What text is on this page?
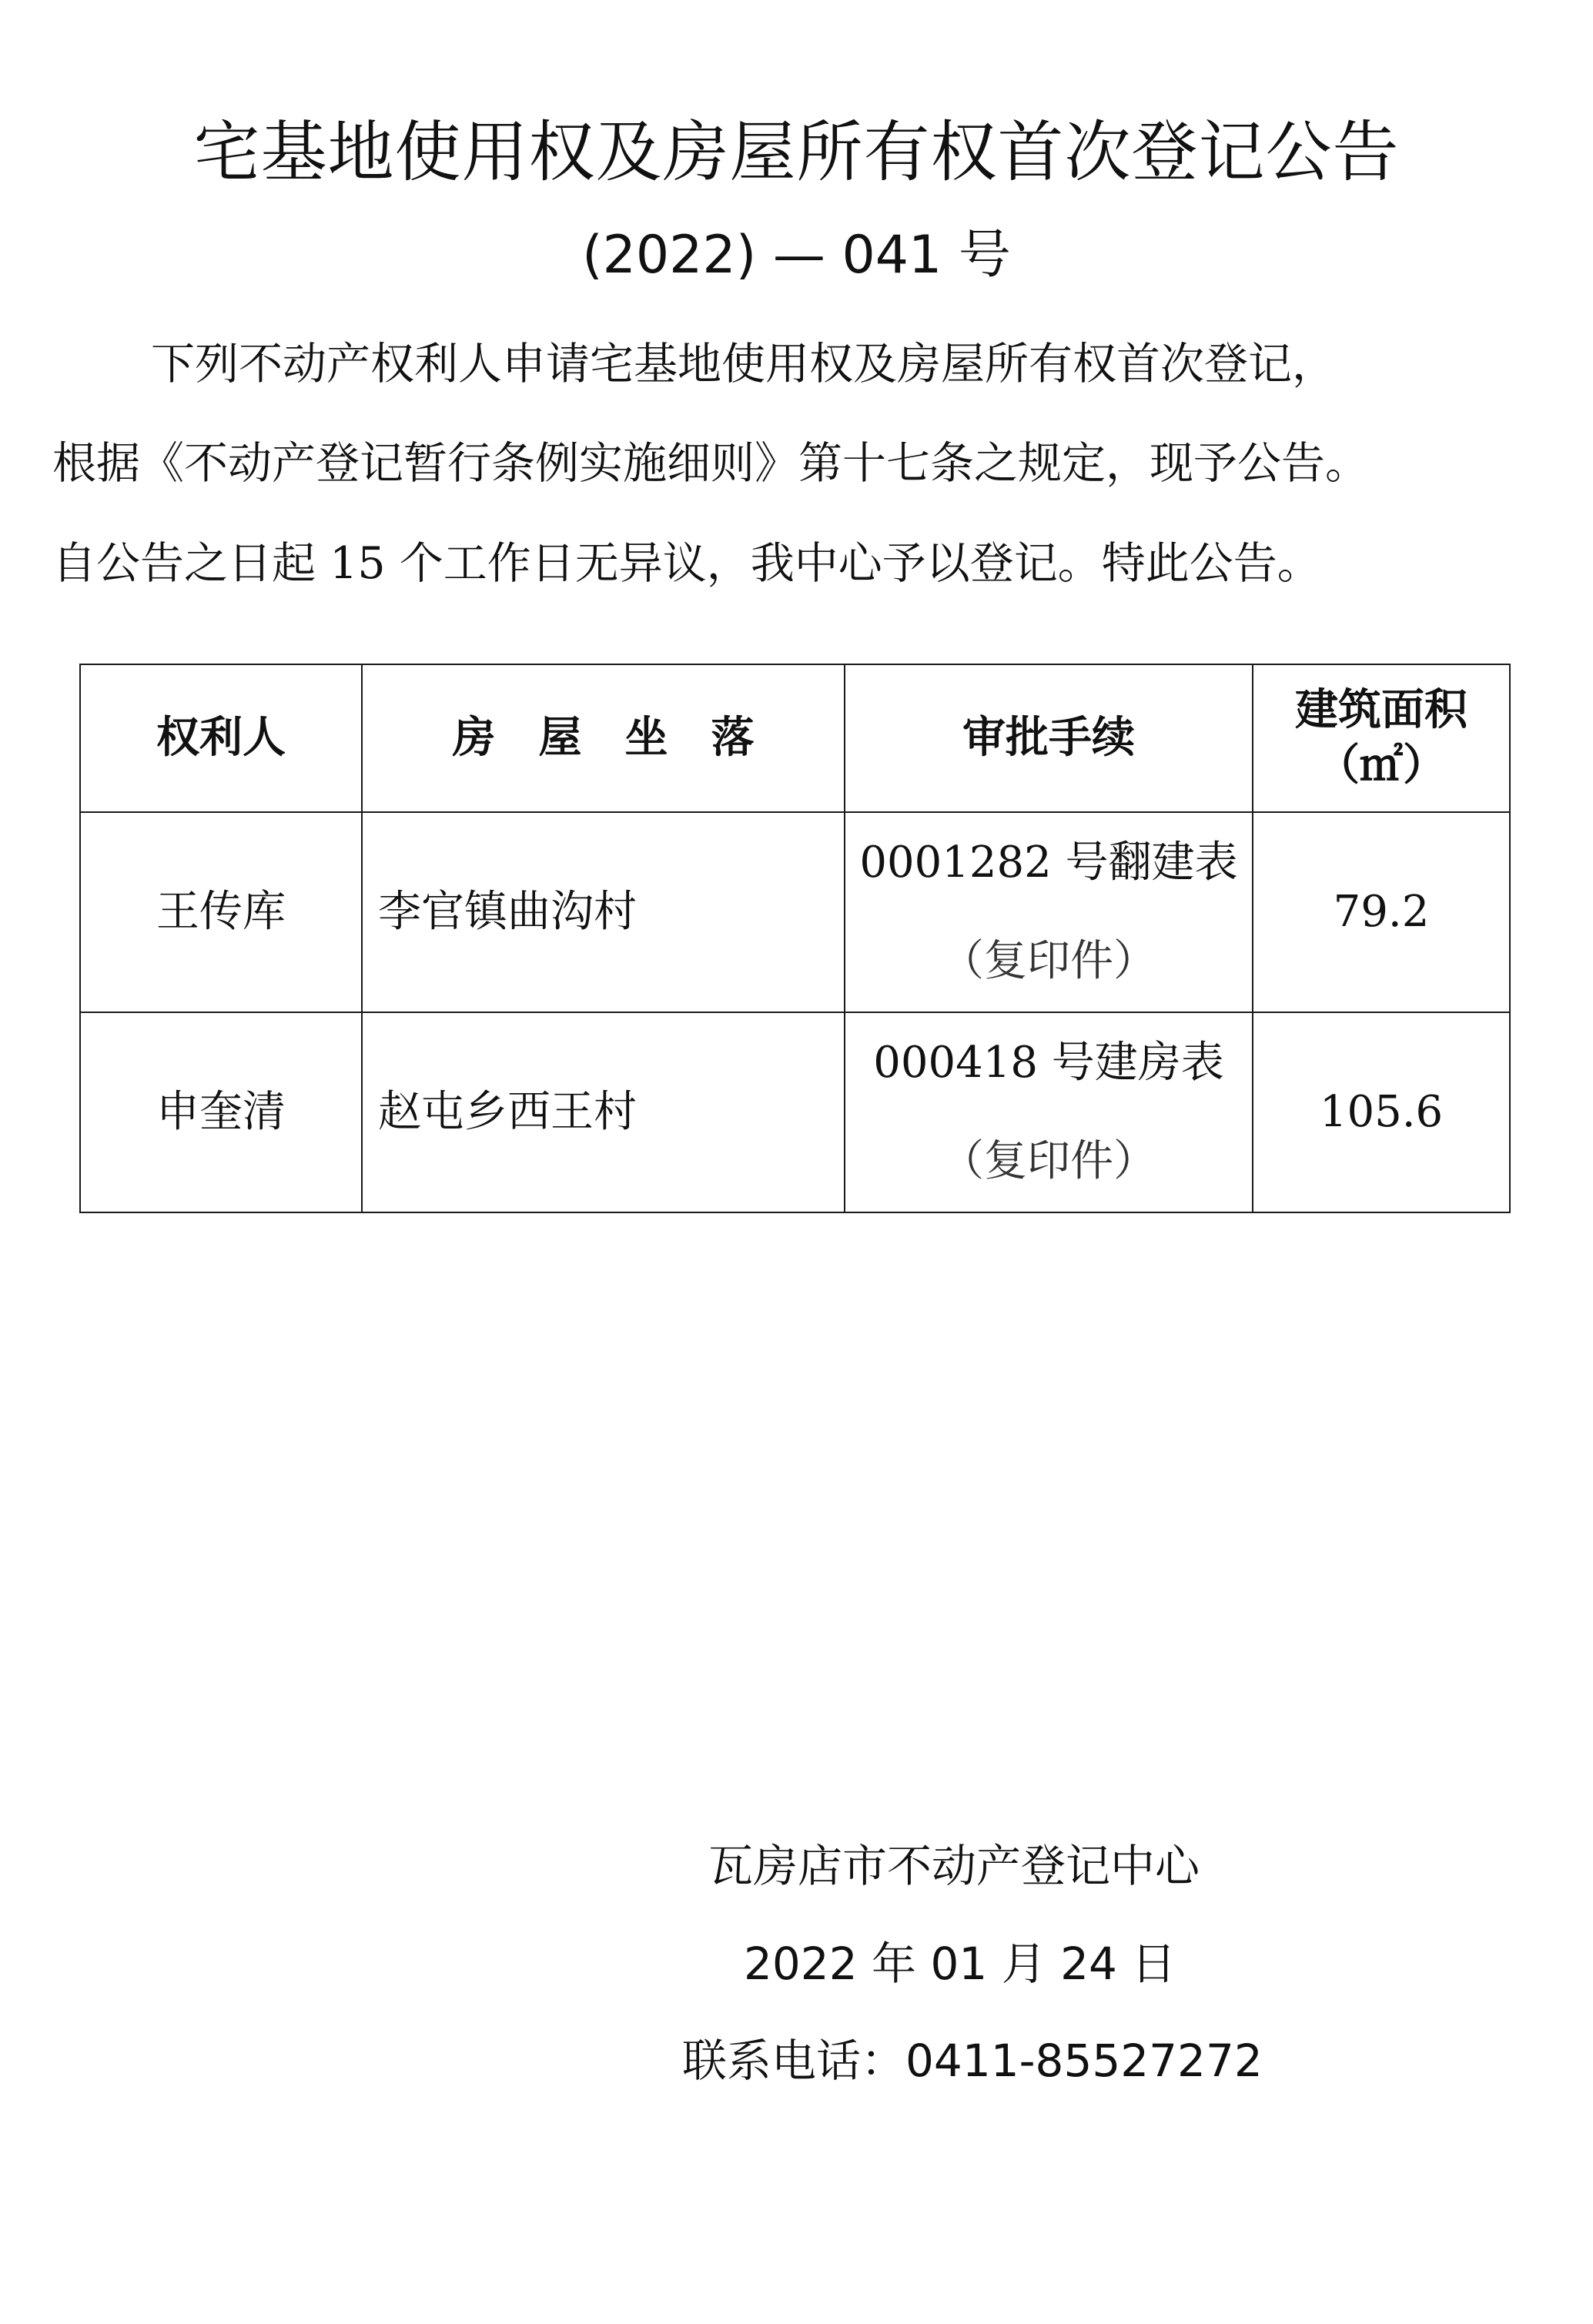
宅基地使用权及房屋所有权首次登记公告
(2022) — 041 号
下列不动产权利人申请宅基地使用权及房屋所有权首次登记，
根据《不动产登记暂行条例实施细则》第十七条之规定，现予公告。
自公告之日起 15 个工作日无异议，我中心予以登记。特此公告。
权利人	房　屋　坐　落	审批手续	建筑面积
（㎡）

王传库	李官镇曲沟村	0001282 号翻建表
（复印件）	79.2
申奎清	赵屯乡西王村	000418 号建房表
（复印件）	105.6
瓦房店市不动产登记中心
2022 年 01 月 24 日
联系电话：0411-85527272
